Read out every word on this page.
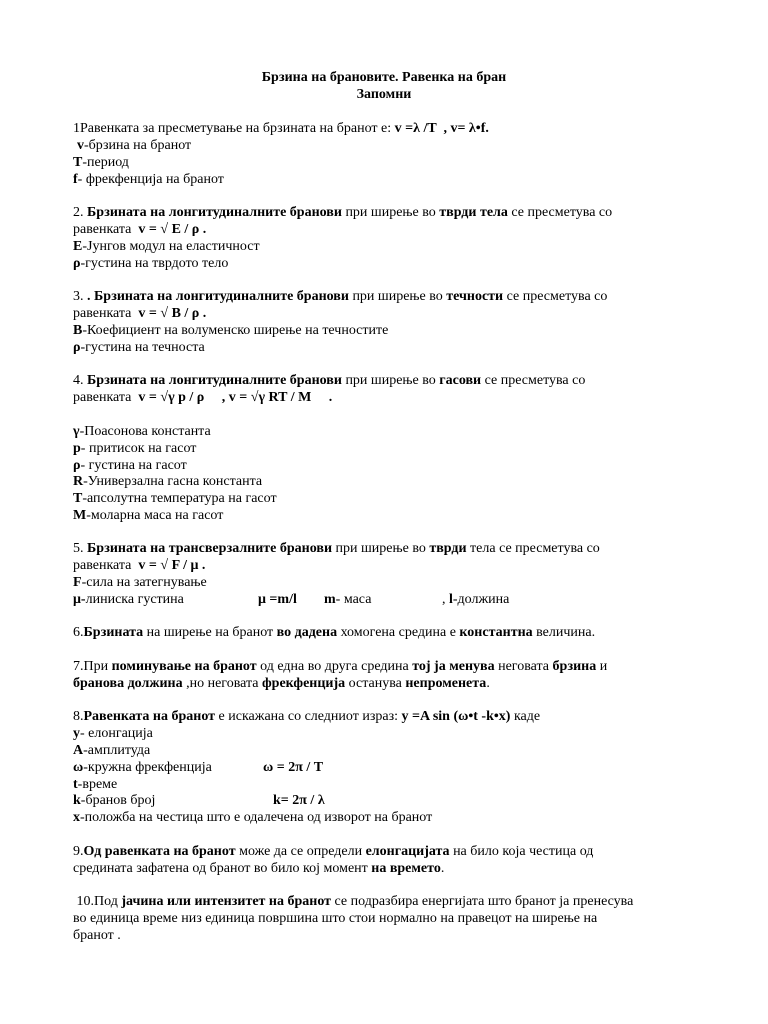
Брзина на брановите. Равенка на бран
Запомни
1Равенката за пресметување на брзината на бранот е: v =λ /T  , v= λ•f.
v-брзина на бранот
T-период
f- фрекфенција на бранот
2. Брзината на лонгитудиналните бранови при ширење во тврди тела се пресметува со
равенката  v = √ E / ρ .
E-Јунгов модул на еластичност
ρ-густина на тврдото тело
3. . Брзината на лонгитудиналните бранови при ширење во течности се пресметува со
равенката  v = √ B / ρ .
B-Коефициент на волуменско ширење на течностите
ρ-густина на течноста
4. Брзината на лонгитудиналните бранови при ширење во гасови се пресметува со
равенката  v = √γ p / ρ     , v = √γ RT / M     .
γ-Поасонова константа
p- притисок на гасот
ρ- густина на гасот
R-Универзална гасна константа
T-апсолутна температура на гасот
M-моларна маса на гасот
5. Брзината на трансверзалните бранови при ширење во тврди тела се пресметува со
равенката  v = √ F / μ .
F-сила на затегнување
μ-линиска густина	μ =m/l m- маса	, l-должина
6.Брзината на ширење на бранот во дадена хомогена средина е константна величина.
7.При поминување на бранот од една во друга средина тој ја менува неговата брзина и
бранова должина ,но неговата фрекфенција останува непроменета.
8.Равенката на бранот е искажана со следниот израз: y =A sin (ω•t -k•x) каде
y- елонгација
A-амплитуда
ω-кружна фрекфенција	ω = 2π / T
t-време
k-бранов број	k= 2π / λ
x-положба на честица што е одалечена од изворот на бранот
9.Од равенката на бранот може да се определи елонгацијата на било која честица од
средината зафатена од бранот во било кој момент на времето.
10.Под јачина или интензитет на бранот се подразбира енергијата што бранот ја пренесува
во единица време низ единица површина што стои нормално на правецот на ширење на
бранот .
